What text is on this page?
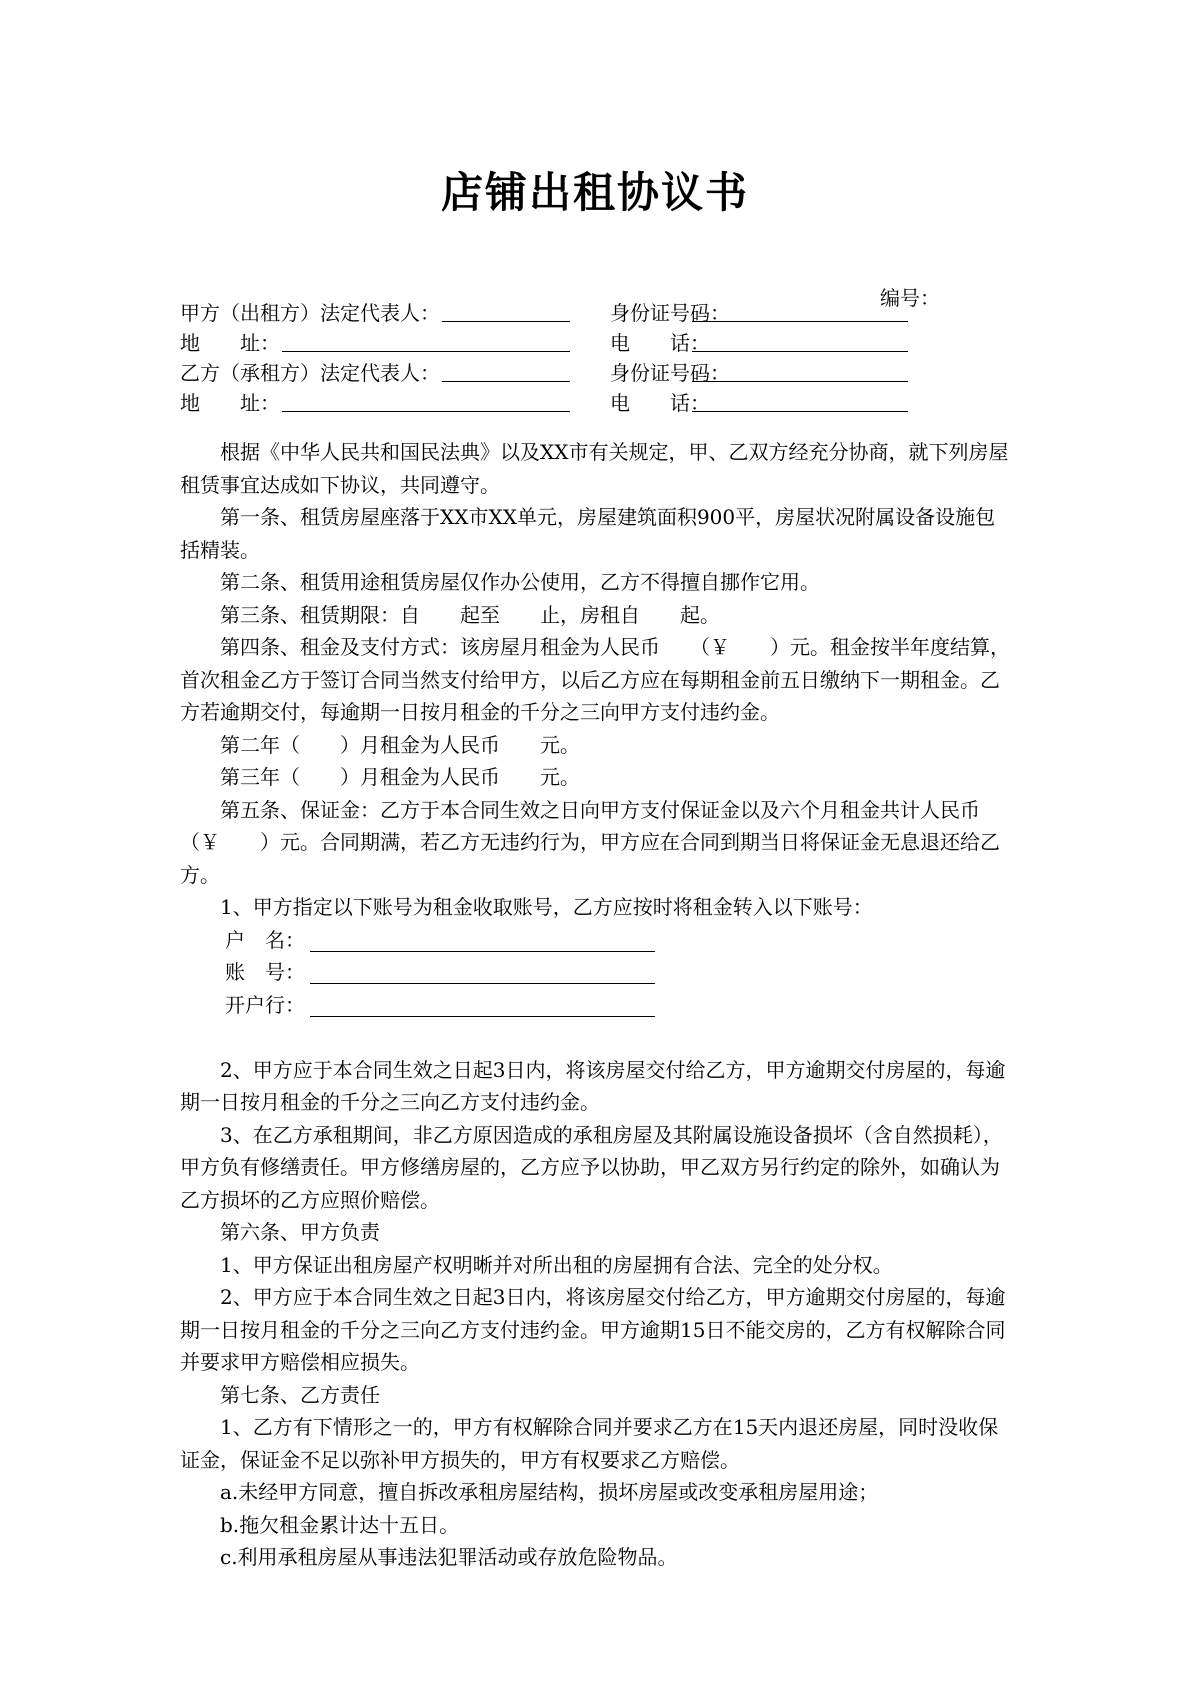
店铺出租协议书
编号：
甲方（出租方）法定代表人：	身份证号码：
地　　址：	电　　话：
乙方（承租方）法定代表人：	身份证号码：
地　　址：	电　　话：

根据《中华人民共和国民法典》以及XX市有关规定，甲、乙双方经充分协商，就下列房屋租赁事宜达成如下协议，共同遵守。

第一条、租赁房屋座落于XX市XX单元，房屋建筑面积900平，房屋状况附属设备设施包括精装。

第二条、租赁用途租赁房屋仅作办公使用，乙方不得擅自挪作它用。

第三条、租赁期限：自　　起至　　止，房租自　　起。

第四条、租金及支付方式：该房屋月租金为人民币　　（￥　　）元。租金按半年度结算，首次租金乙方于签订合同当然支付给甲方，以后乙方应在每期租金前五日缴纳下一期租金。乙方若逾期交付，每逾期一日按月租金的千分之三向甲方支付违约金。

第二年（　　）月租金为人民币　　元。

第三年（　　）月租金为人民币　　元。

第五条、保证金：乙方于本合同生效之日向甲方支付保证金以及六个月租金共计人民币　　　（￥　　）元。合同期满，若乙方无违约行为，甲方应在合同到期当日将保证金无息退还给乙方。

1、甲方指定以下账号为租金收取账号，乙方应按时将租金转入以下账号：

户　名：
账　号：
开户行：

2、甲方应于本合同生效之日起3日内，将该房屋交付给乙方，甲方逾期交付房屋的，每逾期一日按月租金的千分之三向乙方支付违约金。

3、在乙方承租期间，非乙方原因造成的承租房屋及其附属设施设备损坏（含自然损耗），甲方负有修缮责任。甲方修缮房屋的，乙方应予以协助，甲乙双方另行约定的除外，如确认为乙方损坏的乙方应照价赔偿。

第六条、甲方负责

1、甲方保证出租房屋产权明晰并对所出租的房屋拥有合法、完全的处分权。

2、甲方应于本合同生效之日起3日内，将该房屋交付给乙方，甲方逾期交付房屋的，每逾期一日按月租金的千分之三向乙方支付违约金。甲方逾期15日不能交房的，乙方有权解除合同并要求甲方赔偿相应损失。

第七条、乙方责任

1、乙方有下情形之一的，甲方有权解除合同并要求乙方在15天内退还房屋，同时没收保证金，保证金不足以弥补甲方损失的，甲方有权要求乙方赔偿。

a.未经甲方同意，擅自拆改承租房屋结构，损坏房屋或改变承租房屋用途；

b.拖欠租金累计达十五日。

c.利用承租房屋从事违法犯罪活动或存放危险物品。
